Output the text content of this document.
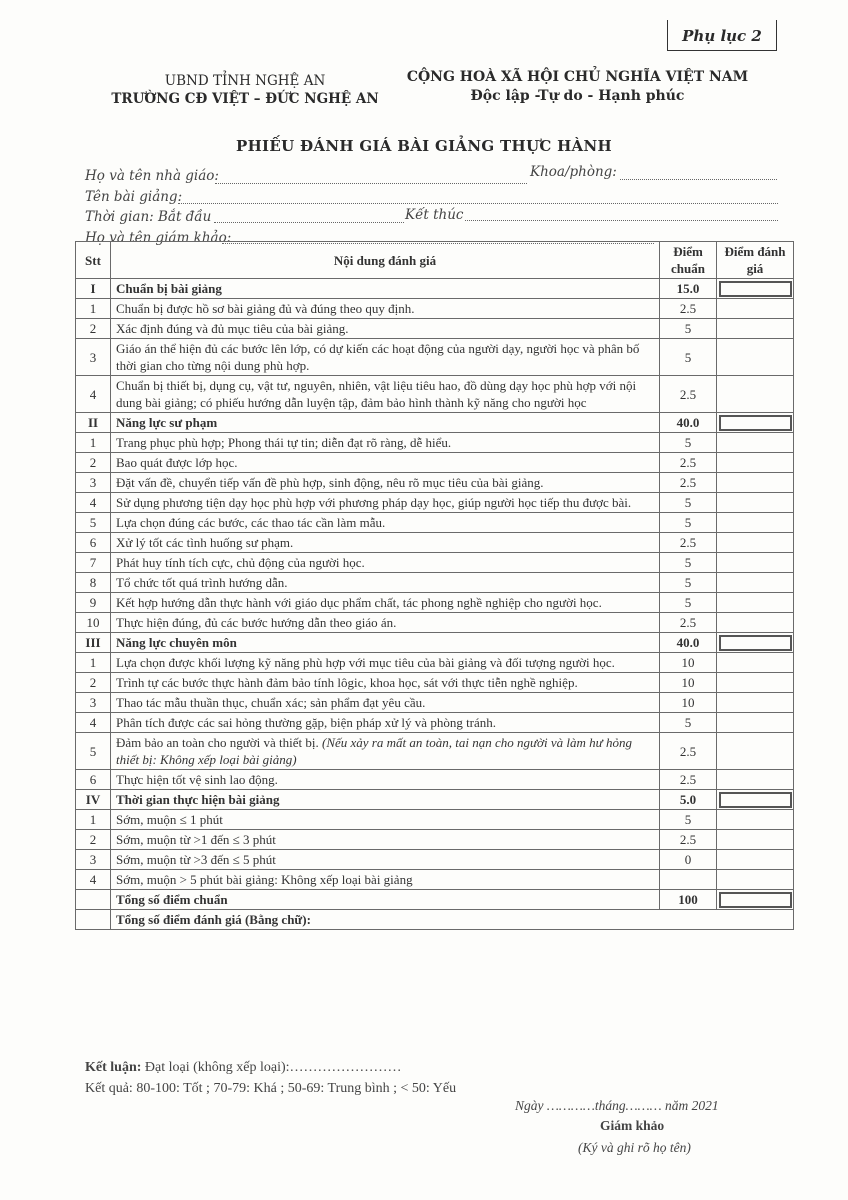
Phụ lục 2
UBND TỈNH NGHỆ AN
TRƯỜNG CĐ VIỆT – ĐỨC NGHỆ AN
CỘNG HOÀ XÃ HỘI CHỦ NGHĨA VIỆT NAM
Độc lập -Tự do - Hạnh phúc
PHIẾU ĐÁNH GIÁ BÀI GIẢNG THỰC HÀNH
Họ và tên nhà giáo:	Khoa/phòng:
Tên bài giảng:
Thời gian: Bắt đầu	Kết thúc
Họ và tên giám khảo:
Stt	Nội dung đánh giá	Điểm chuẩn	Điểm đánh giá
I	Chuẩn bị bài giảng	15.0	
1	Chuẩn bị được hồ sơ bài giảng đủ và đúng theo quy định.	2.5	
2	Xác định đúng và đủ mục tiêu của bài giảng.	5	
3	Giáo án thể hiện đủ các bước lên lớp, có dự kiến các hoạt động của người dạy, người học và phân bố thời gian cho từng nội dung phù hợp.	5	
4	Chuẩn bị thiết bị, dụng cụ, vật tư, nguyên, nhiên, vật liệu tiêu hao, đồ dùng dạy học phù hợp với nội dung bài giảng; có phiếu hướng dẫn luyện tập, đảm bảo hình thành kỹ năng cho người học	2.5	
II	Năng lực sư phạm	40.0	
1	Trang phục phù hợp; Phong thái tự tin; diễn đạt rõ ràng, dễ hiểu.	5	
2	Bao quát được lớp học.	2.5	
3	Đặt vấn đề, chuyển tiếp vấn đề phù hợp, sinh động, nêu rõ mục tiêu của bài giảng.	2.5	
4	Sử dụng phương tiện dạy học phù hợp với phương pháp dạy học, giúp người học tiếp thu được bài.	5	
5	Lựa chọn đúng các bước, các thao tác cần làm mẫu.	5	
6	Xử lý tốt các tình huống sư phạm.	2.5	
7	Phát huy tính tích cực, chủ động của người học.	5	
8	Tổ chức tốt quá trình hướng dẫn.	5	
9	Kết hợp hướng dẫn thực hành với giáo dục phẩm chất, tác phong nghề nghiệp cho người học.	5	
10	Thực hiện đúng, đủ các bước hướng dẫn theo giáo án.	2.5	
III	Năng lực chuyên môn	40.0	
1	Lựa chọn được khối lượng kỹ năng phù hợp với mục tiêu của bài giảng và đối tượng người học.	10	
2	Trình tự các bước thực hành đảm bảo tính lôgic, khoa học, sát với thực tiễn nghề nghiệp.	10	
3	Thao tác mẫu thuần thục, chuẩn xác; sản phẩm đạt yêu cầu.	10	
4	Phân tích được các sai hỏng thường gặp, biện pháp xử lý và phòng tránh.	5	
5	Đảm bảo an toàn cho người và thiết bị. (Nếu xảy ra mất an toàn, tai nạn cho người và làm hư hỏng thiết bị: Không xếp loại bài giảng)	2.5	
6	Thực hiện tốt vệ sinh lao động.	2.5	
IV	Thời gian thực hiện bài giảng	5.0	
1	Sớm, muộn ≤ 1 phút	5	
2	Sớm, muộn từ >1 đến ≤ 3 phút	2.5	
3	Sớm, muộn từ >3 đến ≤ 5 phút	0	
4	Sớm, muộn > 5 phút bài giảng: Không xếp loại bài giảng		
	Tổng số điểm chuẩn	100	
	Tổng số điểm đánh giá (Bằng chữ):		
Kết luận: Đạt loại (không xếp loại):……………………
Kết quả: 80-100: Tốt ; 70-79: Khá ; 50-69: Trung bình ; < 50: Yếu
Ngày …………tháng……… năm 2021
Giám khảo
(Ký và ghi rõ họ tên)
